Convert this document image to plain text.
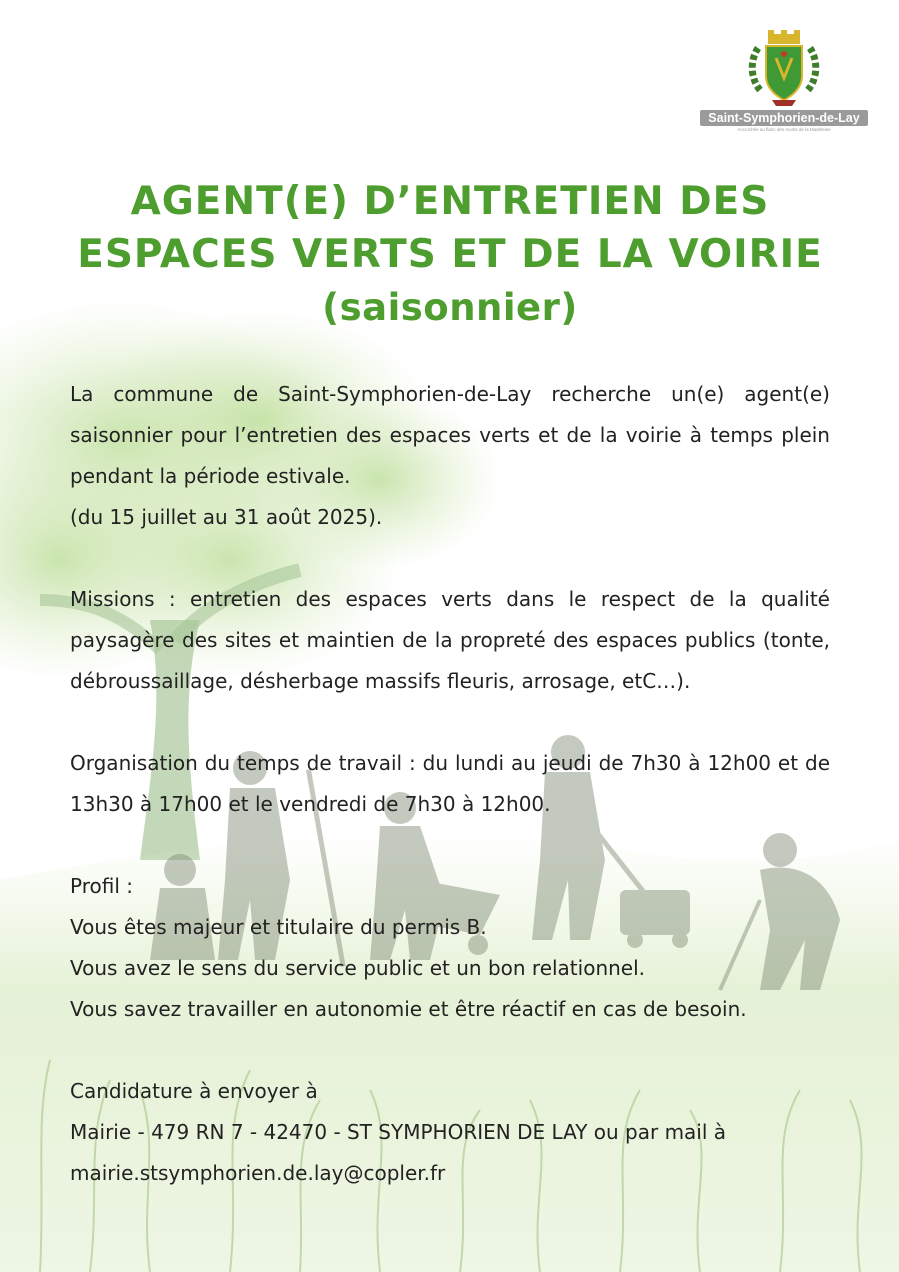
Saint-Symphorien-de-Lay
Accrochée au flanc des monts de la Madeleine
AGENT(E) D’ENTRETIEN DES
ESPACES VERTS ET DE LA VOIRIE
(saisonnier)

La commune de Saint-Symphorien-de-Lay recherche un(e) agent(e) saisonnier pour l’entretien des espaces verts et de la voirie à temps plein pendant la période estivale.

(du 15 juillet au 31 août 2025).

Missions : entretien des espaces verts dans le respect de la qualité paysagère des sites et maintien de la propreté des espaces publics (tonte, débroussaillage, désherbage massifs fleuris, arrosage, etC…).

Organisation du temps de travail : du lundi au jeudi de 7h30 à 12h00 et de 13h30 à 17h00 et le vendredi de 7h30 à 12h00.

Profil :

Vous êtes majeur et titulaire du permis B.

Vous avez le sens du service public et un bon relationnel.

Vous savez travailler en autonomie et être réactif en cas de besoin.

Candidature à envoyer à

Mairie - 479 RN 7 - 42470 - ST SYMPHORIEN DE LAY ou par mail à

mairie.stsymphorien.de.lay@copler.fr
